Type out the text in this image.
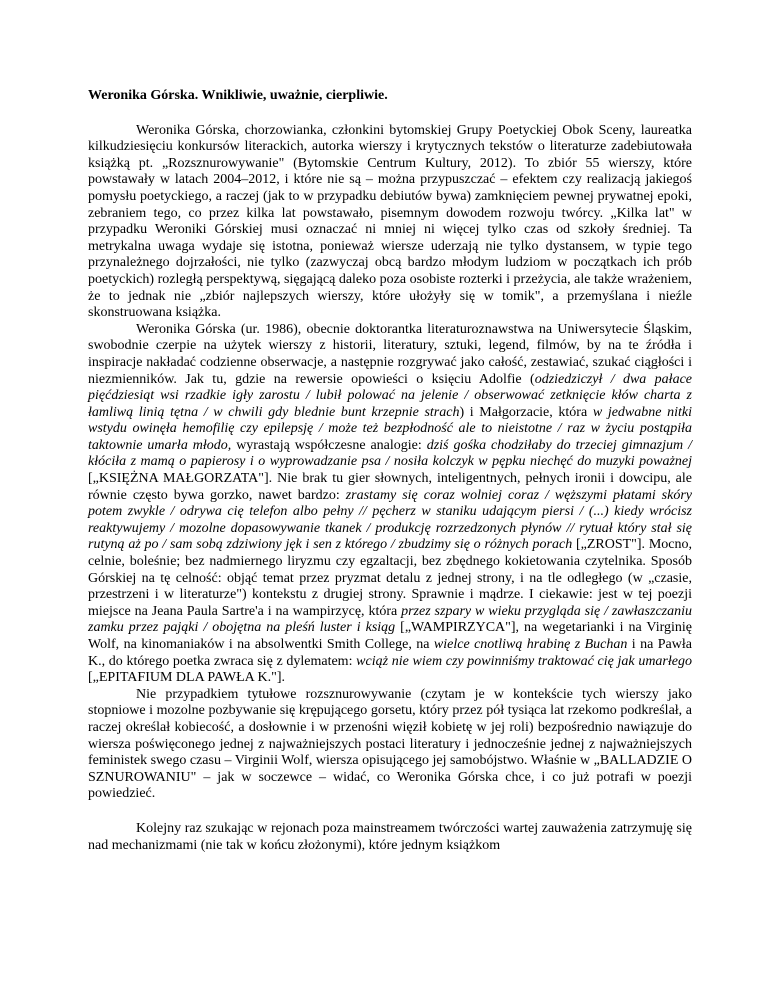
Weronika Górska. Wnikliwie, uważnie, cierpliwie.

Weronika Górska, chorzowianka, członkini bytomskiej Grupy Poetyckiej Obok Sceny, laureatka kilkudziesięciu konkursów literackich, autorka wierszy i krytycznych tekstów o literaturze zadebiutowała książką pt. „Rozsznurowywanie" (Bytomskie Centrum Kultury, 2012). To zbiór 55 wierszy, które powstawały w latach 2004–2012, i które nie są – można przypuszczać – efektem czy realizacją jakiegoś pomysłu poetyckiego, a raczej (jak to w przypadku debiutów bywa) zamknięciem pewnej prywatnej epoki, zebraniem tego, co przez kilka lat powstawało, pisemnym dowodem rozwoju twórcy. „Kilka lat" w przypadku Weroniki Górskiej musi oznaczać ni mniej ni więcej tylko czas od szkoły średniej. Ta metrykalna uwaga wydaje się istotna, ponieważ wiersze uderzają nie tylko dystansem, w typie tego przynależnego dojrzałości, nie tylko (zazwyczaj obcą bardzo młodym ludziom w początkach ich prób poetyckich) rozległą perspektywą, sięgającą daleko poza osobiste rozterki i przeżycia, ale także wrażeniem, że to jednak nie „zbiór najlepszych wierszy, które ułożyły się w tomik", a przemyślana i nieźle skonstruowana książka.

Weronika Górska (ur. 1986), obecnie doktorantka literaturoznawstwa na Uniwersytecie Śląskim, swobodnie czerpie na użytek wierszy z historii, literatury, sztuki, legend, filmów, by na te źródła i inspiracje nakładać codzienne obserwacje, a następnie rozgrywać jako całość, zestawiać, szukać ciągłości i niezmienników. Jak tu, gdzie na rewersie opowieści o księciu Adolfie (odziedziczył / dwa pałace pięćdziesiąt wsi rzadkie igły zarostu / lubił polować na jelenie / obserwować zetknięcie kłów charta z łamliwą linią tętna / w chwili gdy blednie bunt krzepnie strach) i Małgorzacie, która w jedwabne nitki wstydu owinęła hemofilię czy epilepsję / może też bezpłodność ale to nieistotne / raz w życiu postąpiła taktownie umarła młodo, wyrastają współczesne analogie: dziś gośka chodziłaby do trzeciej gimnazjum / kłóciła z mamą o papierosy i o wyprowadzanie psa / nosiła kolczyk w pępku niechęć do muzyki poważnej [„KSIĘŻNA MAŁGORZATA"]. Nie brak tu gier słownych, inteligentnych, pełnych ironii i dowcipu, ale równie często bywa gorzko, nawet bardzo: zrastamy się coraz wolniej coraz / węższymi płatami skóry potem zwykle / odrywa cię telefon albo pełny // pęcherz w staniku udającym piersi / (...) kiedy wrócisz reaktywujemy / mozolne dopasowywanie tkanek / produkcję rozrzedzonych płynów // rytuał który stał się rutyną aż po / sam sobą zdziwiony jęk i sen z którego / zbudzimy się o różnych porach [„ZROST"]. Mocno, celnie, boleśnie; bez nadmiernego liryzmu czy egzaltacji, bez zbędnego kokietowania czytelnika. Sposób Górskiej na tę celność: objąć temat przez pryzmat detalu z jednej strony, i na tle odległego (w „czasie, przestrzeni i w literaturze") kontekstu z drugiej strony. Sprawnie i mądrze. I ciekawie: jest w tej poezji miejsce na Jeana Paula Sartre'a i na wampirzycę, która przez szpary w wieku przygląda się / zawłaszczaniu zamku przez pająki / obojętna na pleśń luster i ksiąg [„WAMPIRZYCA"], na wegetarianki i na Virginię Wolf, na kinomaniaków i na absolwentki Smith College, na wielce cnotliwą hrabinę z Buchan i na Pawła K., do którego poetka zwraca się z dylematem: wciąż nie wiem czy powinniśmy traktować cię jak umarłego [„EPITAFIUM DLA PAWŁA K."].

Nie przypadkiem tytułowe rozsznurowywanie (czytam je w kontekście tych wierszy jako stopniowe i mozolne pozbywanie się krępującego gorsetu, który przez pół tysiąca lat rzekomo podkreślał, a raczej określał kobiecość, a dosłownie i w przenośni więził kobietę w jej roli) bezpośrednio nawiązuje do wiersza poświęconego jednej z najważniejszych postaci literatury i jednocześnie jednej z najważniejszych feministek swego czasu – Virginii Wolf, wiersza opisującego jej samobójstwo. Właśnie w „BALLADZIE O SZNUROWANIU" – jak w soczewce – widać, co Weronika Górska chce, i co już potrafi w poezji powiedzieć.

Kolejny raz szukając w rejonach poza mainstreamem twórczości wartej zauważenia zatrzymuję się nad mechanizmami (nie tak w końcu złożonymi), które jednym książkom
